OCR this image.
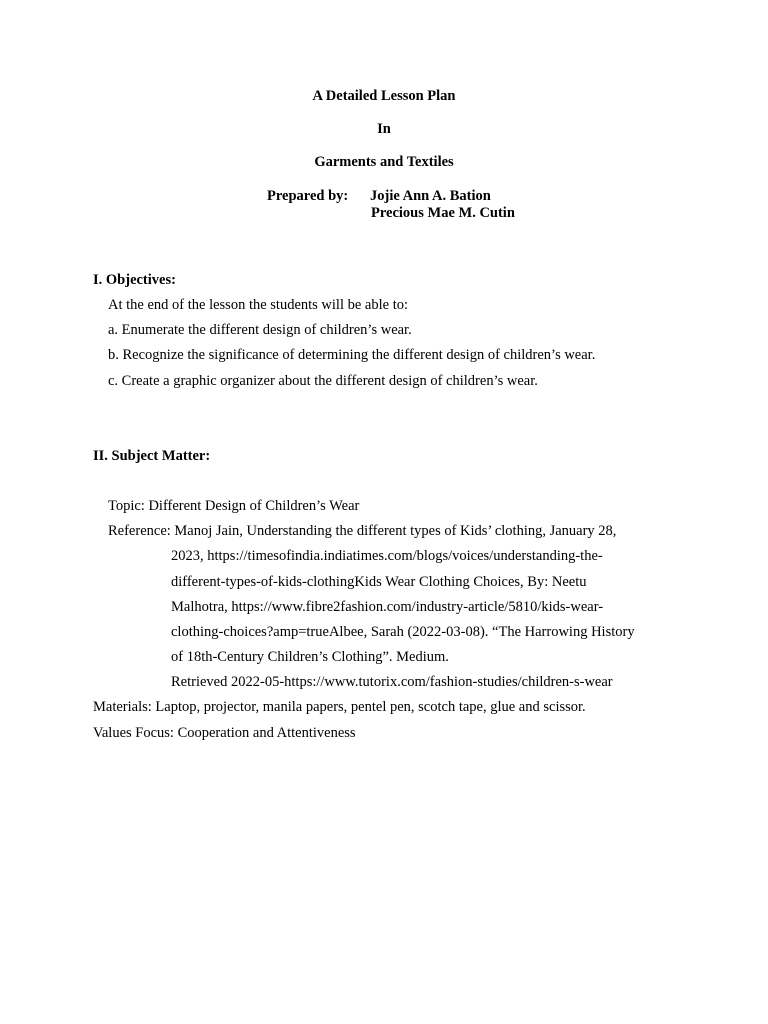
A Detailed Lesson Plan
In
Garments and Textiles
Prepared by: Jojie Ann A. Bation
Precious Mae M. Cutin
I. Objectives:
At the end of the lesson the students will be able to:
a. Enumerate the different design of children’s wear.
b. Recognize the significance of determining the different design of children’s wear.
c. Create a graphic organizer about the different design of children’s wear.
II. Subject Matter:
Topic: Different Design of Children’s Wear
Reference: Manoj Jain, Understanding the different types of Kids’ clothing, January 28,
2023, https://timesofindia.indiatimes.com/blogs/voices/understanding-the-
different-types-of-kids-clothingKids Wear Clothing Choices, By: Neetu
Malhotra, https://www.fibre2fashion.com/industry-article/5810/kids-wear-
clothing-choices?amp=trueAlbee, Sarah (2022-03-08). “The Harrowing History
of 18th-Century Children’s Clothing”. Medium.
Retrieved 2022-05-https://www.tutorix.com/fashion-studies/children-s-wear
Materials: Laptop, projector, manila papers, pentel pen, scotch tape, glue and scissor.
Values Focus: Cooperation and Attentiveness
